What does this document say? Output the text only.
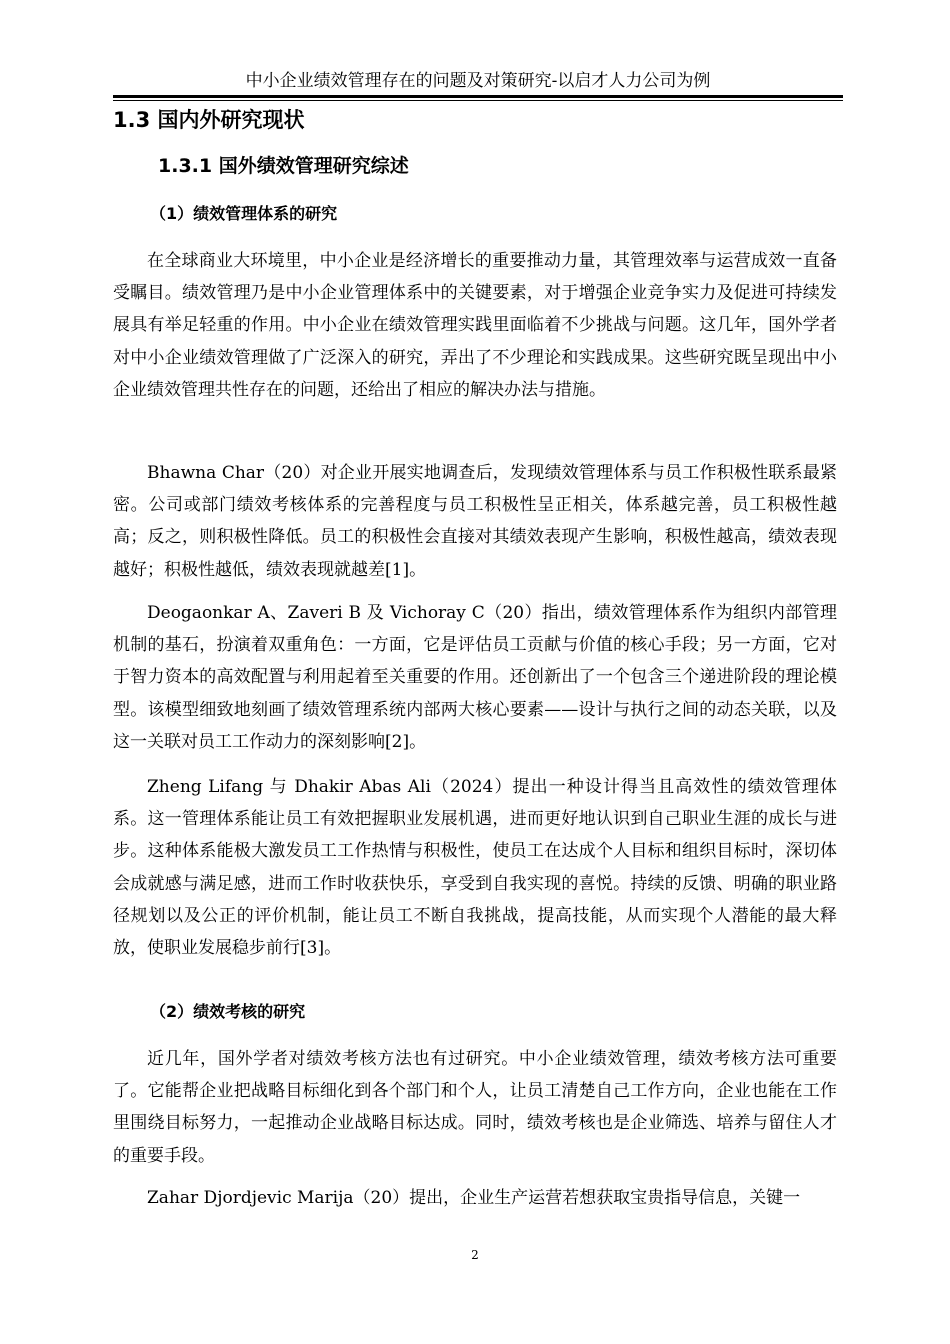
中小企业绩效管理存在的问题及对策研究-以启才人力公司为例
1.3 国内外研究现状
1.3.1 国外绩效管理研究综述
（1）绩效管理体系的研究

在全球商业大环境里，中小企业是经济增长的重要推动力量，其管理效率与运营成效一直备受瞩目。绩效管理乃是中小企业管理体系中的关键要素，对于增强企业竞争实力及促进可持续发展具有举足轻重的作用。中小企业在绩效管理实践里面临着不少挑战与问题。这几年，国外学者对中小企业绩效管理做了广泛深入的研究，弄出了不少理论和实践成果。这些研究既呈现出中小企业绩效管理共性存在的问题，还给出了相应的解决办法与措施。

Bhawna Char（20）对企业开展实地调查后，发现绩效管理体系与员工作积极性联系最紧密。公司或部门绩效考核体系的完善程度与员工积极性呈正相关，体系越完善，员工积极性越高；反之，则积极性降低。员工的积极性会直接对其绩效表现产生影响，积极性越高，绩效表现越好；积极性越低，绩效表现就越差[1]。

Deogaonkar A、Zaveri B 及 Vichoray C（20）指出，绩效管理体系作为组织内部管理机制的基石，扮演着双重角色：一方面，它是评估员工贡献与价值的核心手段；另一方面，它对于智力资本的高效配置与利用起着至关重要的作用。还创新出了一个包含三个递进阶段的理论模型。该模型细致地刻画了绩效管理系统内部两大核心要素——设计与执行之间的动态关联，以及这一关联对员工工作动力的深刻影响[2]。

Zheng Lifang 与 Dhakir Abas Ali（2024）提出一种设计得当且高效性的绩效管理体系。这一管理体系能让员工有效把握职业发展机遇，进而更好地认识到自己职业生涯的成长与进步。这种体系能极大激发员工工作热情与积极性，使员工在达成个人目标和组织目标时，深切体会成就感与满足感，进而工作时收获快乐，享受到自我实现的喜悦。持续的反馈、明确的职业路径规划以及公正的评价机制，能让员工不断自我挑战，提高技能，从而实现个人潜能的最大释放，使职业发展稳步前行[3]。

（2）绩效考核的研究

近几年，国外学者对绩效考核方法也有过研究。中小企业绩效管理，绩效考核方法可重要了。它能帮企业把战略目标细化到各个部门和个人，让员工清楚自己工作方向，企业也能在工作里围绕目标努力，一起推动企业战略目标达成。同时，绩效考核也是企业筛选、培养与留住人才的重要手段。

Zahar Djordjevic Marija（20）提出，企业生产运营若想获取宝贵指导信息，关键一

2
